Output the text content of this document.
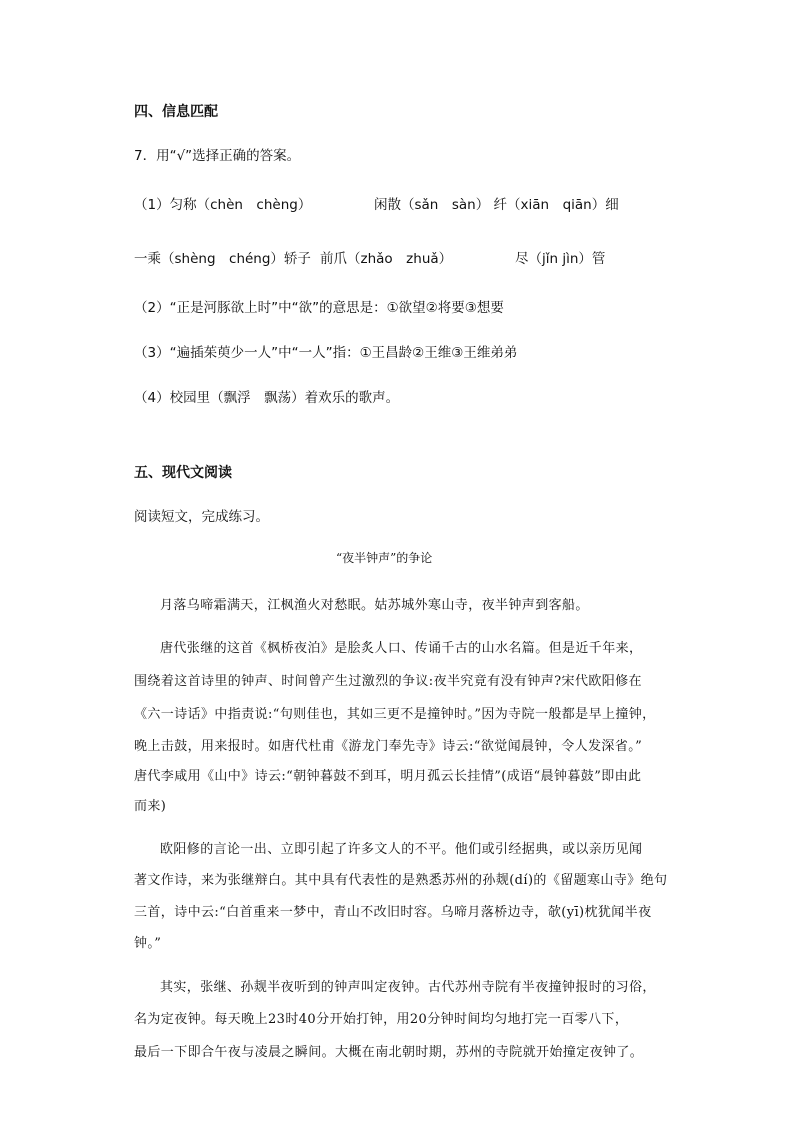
四、信息匹配
7．用“√”选择正确的答案。
（1）匀称（chèn　chèng）	闲散（sǎn　sàn） 纤（xiān　qiān）细
一乘（shèng　chéng）轿子 前爪（zhǎo　zhuǎ）	尽（jǐn jìn）管
（2）“正是河豚欲上时”中“欲”的意思是：①欲望②将要③想要
（3）“遍插茱萸少一人”中“一人”指：①王昌龄②王维③王维弟弟
（4）校园里（飘浮　飘荡）着欢乐的歌声。
五、现代文阅读
阅读短文，完成练习。
“夜半钟声”的争论
月落乌啼霜满天，江枫渔火对愁眠。姑苏城外寒山寺，夜半钟声到客船。
唐代张继的这首《枫桥夜泊》是脍炙人口、传诵千古的山水名篇。但是近千年来，
围绕着这首诗里的钟声、时间曾产生过激烈的争议:夜半究竟有没有钟声?宋代欧阳修在
《六一诗话》中指责说:“句则佳也，其如三更不是撞钟时。”因为寺院一般都是早上撞钟，
晚上击鼓，用来报时。如唐代杜甫《游龙门奉先寺》诗云:“欲觉闻晨钟，令人发深省。”
唐代李咸用《山中》诗云:“朝钟暮鼓不到耳，明月孤云长挂情”(成语“晨钟暮鼓”即由此
而来)
欧阳修的言论一出、立即引起了许多文人的不平。他们或引经据典，或以亲历见闻
著文作诗，来为张继辩白。其中具有代表性的是熟悉苏州的孙觌(dí)的《留题寒山寺》绝句
三首，诗中云:“白首重来一梦中，青山不改旧时容。乌啼月落桥边寺，欹(yī)枕犹闻半夜
钟。”
其实，张继、孙觌半夜听到的钟声叫定夜钟。古代苏州寺院有半夜撞钟报时的习俗，
名为定夜钟。每天晚上23时40分开始打钟，用20分钟时间均匀地打完一百零八下，
最后一下即合午夜与凌晨之瞬间。大概在南北朝时期，苏州的寺院就开始撞定夜钟了。
